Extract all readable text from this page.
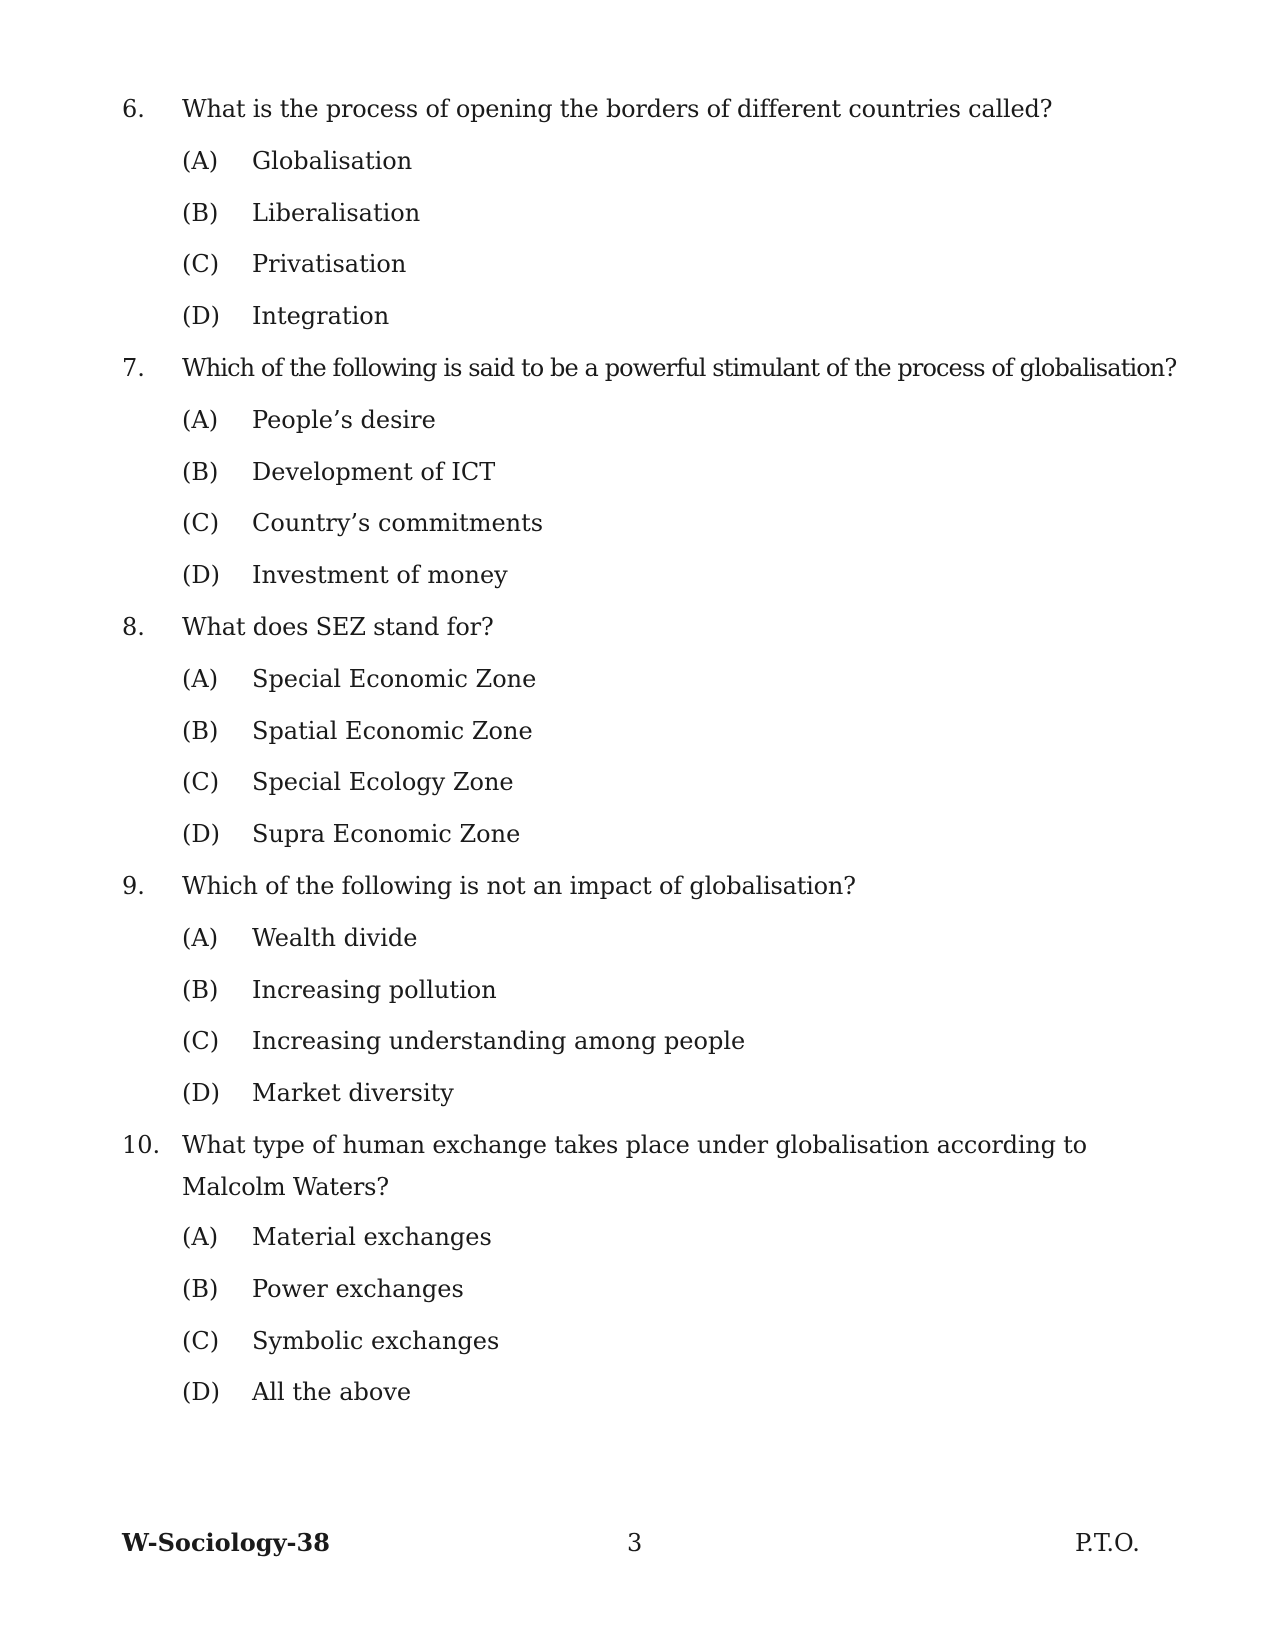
6. What is the process of opening the borders of different countries called?
(A) Globalisation
(B) Liberalisation
(C) Privatisation
(D) Integration
7. Which of the following is said to be a powerful stimulant of the process of globalisation?
(A) People’s desire
(B) Development of ICT
(C) Country’s commitments
(D) Investment of money
8. What does SEZ stand for?
(A) Special Economic Zone
(B) Spatial Economic Zone
(C) Special Ecology Zone
(D) Supra Economic Zone
9. Which of the following is not an impact of globalisation?
(A) Wealth divide
(B) Increasing pollution
(C) Increasing understanding among people
(D) Market diversity
10. What type of human exchange takes place under globalisation according to Malcolm Waters?
(A) Material exchanges
(B) Power exchanges
(C) Symbolic exchanges
(D) All the above
W-Sociology-38	3	P.T.O.
